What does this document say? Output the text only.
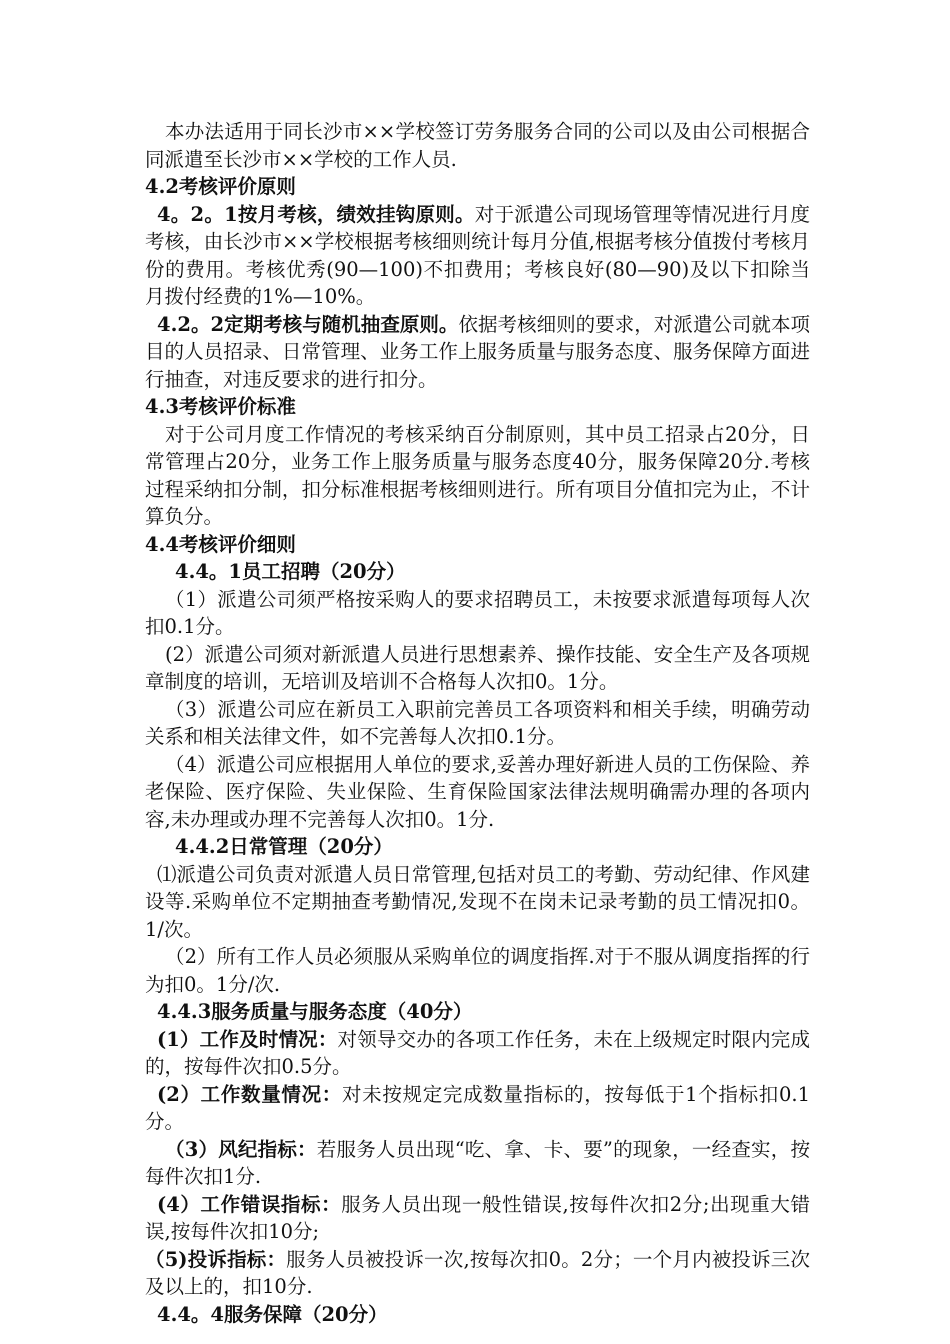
本办法适用于同长沙市××学校签订劳务服务合同的公司以及由公司根据合同派遣至长沙市××学校的工作人员.

4.2考核评价原则

4。2。1按月考核，绩效挂钩原则。对于派遣公司现场管理等情况进行月度考核，由长沙市××学校根据考核细则统计每月分值,根据考核分值拨付考核月份的费用。考核优秀(90—100)不扣费用；考核良好(80—90)及以下扣除当月拨付经费的1%—10%。

4.2。2定期考核与随机抽查原则。依据考核细则的要求，对派遣公司就本项目的人员招录、日常管理、业务工作上服务质量与服务态度、服务保障方面进行抽查，对违反要求的进行扣分。

4.3考核评价标准

对于公司月度工作情况的考核采纳百分制原则，其中员工招录占20分，日常管理占20分，业务工作上服务质量与服务态度40分，服务保障20分.考核过程采纳扣分制，扣分标准根据考核细则进行。所有项目分值扣完为止，不计算负分。

4.4考核评价细则

4.4。1员工招聘（20分）

（1）派遣公司须严格按采购人的要求招聘员工，未按要求派遣每项每人次扣0.1分。

(2）派遣公司须对新派遣人员进行思想素养、操作技能、安全生产及各项规章制度的培训，无培训及培训不合格每人次扣0。1分。

（3）派遣公司应在新员工入职前完善员工各项资料和相关手续，明确劳动关系和相关法律文件，如不完善每人次扣0.1分。

（4）派遣公司应根据用人单位的要求,妥善办理好新进人员的工伤保险、养老保险、医疗保险、失业保险、生育保险国家法律法规明确需办理的各项内容,未办理或办理不完善每人次扣0。1分.

4.4.2日常管理（20分）

⑴派遣公司负责对派遣人员日常管理,包括对员工的考勤、劳动纪律、作风建设等.采购单位不定期抽查考勤情况,发现不在岗未记录考勤的员工情况扣0。1/次。

（2）所有工作人员必须服从采购单位的调度指挥.对于不服从调度指挥的行为扣0。1分/次.

4.4.3服务质量与服务态度（40分）

(1）工作及时情况：对领导交办的各项工作任务，未在上级规定时限内完成的，按每件次扣0.5分。

(2）工作数量情况：对未按规定完成数量指标的，按每低于1个指标扣0.1分。

（3）风纪指标：若服务人员出现“吃、拿、卡、要”的现象，一经查实，按每件次扣1分.

(4）工作错误指标：服务人员出现一般性错误,按每件次扣2分;出现重大错误,按每件次扣10分;

（5)投诉指标：服务人员被投诉一次,按每次扣0。2分；一个月内被投诉三次及以上的，扣10分.

4.4。4服务保障（20分）
